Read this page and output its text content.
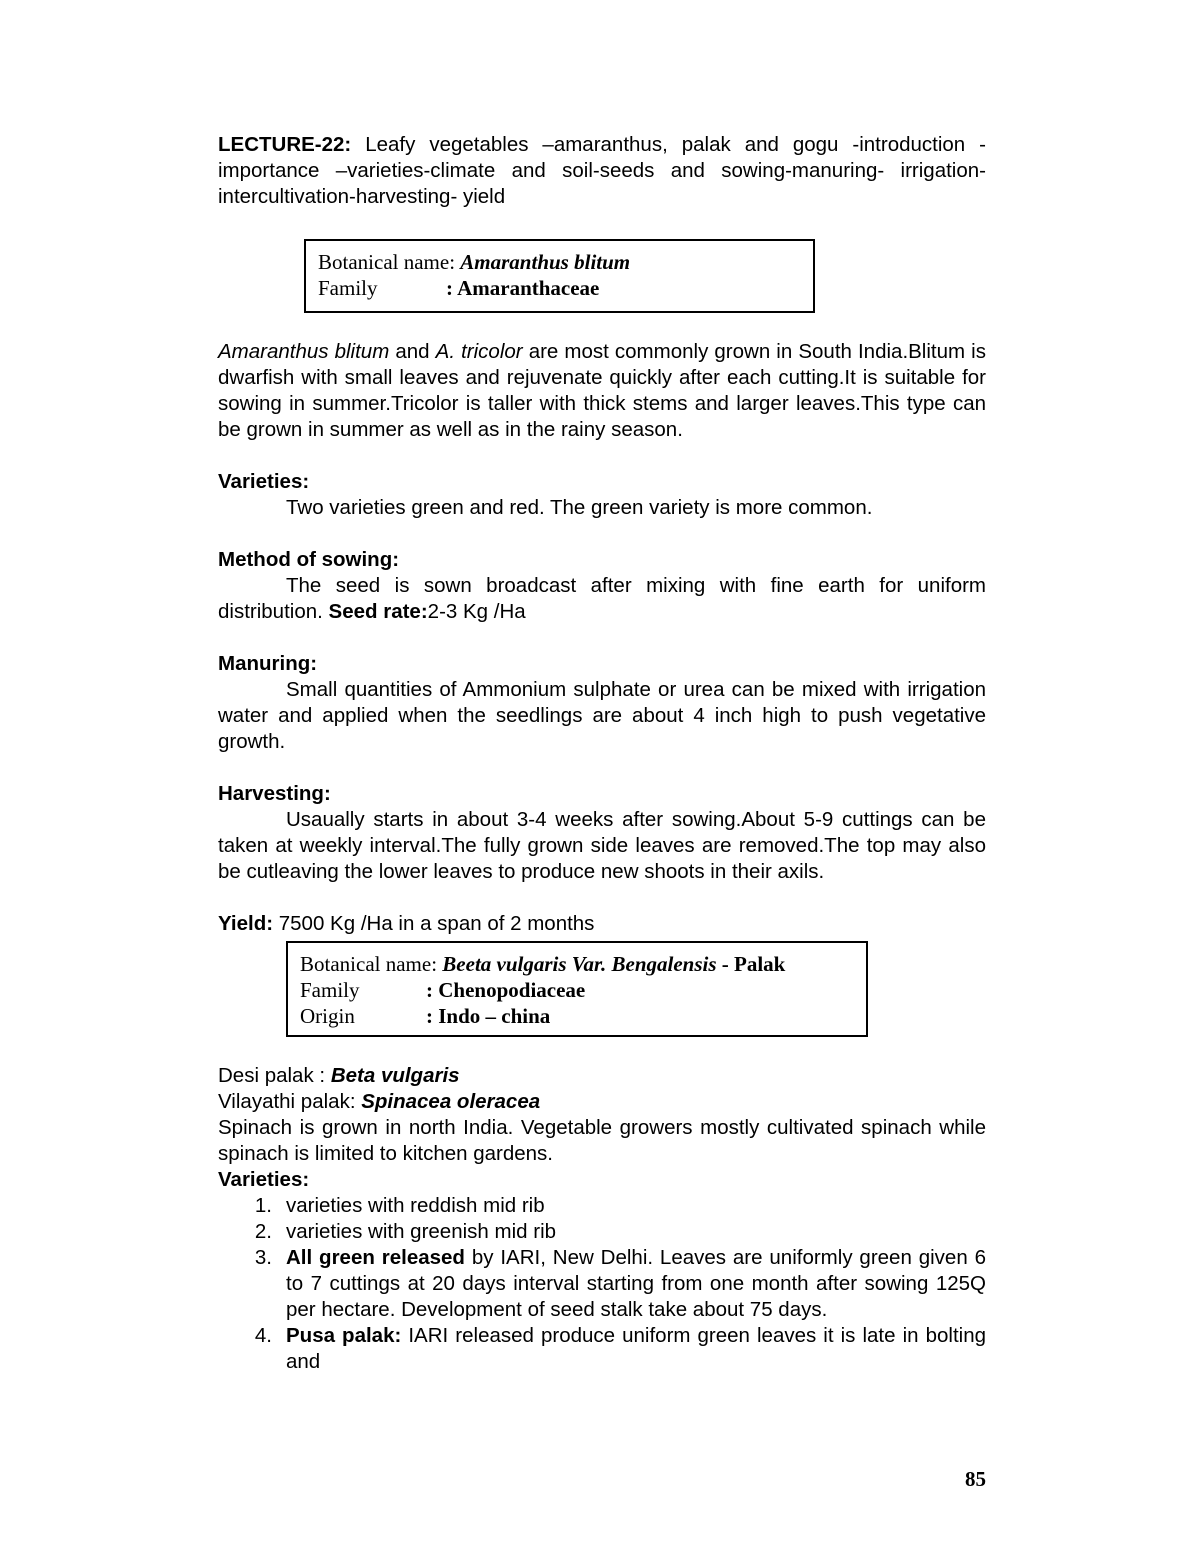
LECTURE-22: Leafy vegetables –amaranthus, palak and gogu -introduction -importance –varieties-climate and soil-seeds and sowing-manuring- irrigation-intercultivation-harvesting- yield

Botanical name: Amaranthus blitum
Family	: Amaranthaceae

Amaranthus blitum and A. tricolor are most commonly grown in South India.Blitum is dwarfish with small leaves and rejuvenate quickly after each cutting.It is suitable for sowing in summer.Tricolor is taller with thick stems and larger leaves.This type can be grown in summer as well as in the rainy season.

Varieties:

Two varieties green and red. The green variety is more common.

Method of sowing:

The seed is sown broadcast after mixing with fine earth for uniform distribution. Seed rate:2-3 Kg /Ha

Manuring:

Small quantities of Ammonium sulphate or urea can be mixed with irrigation water and applied when the seedlings are about 4 inch high to push vegetative growth.

Harvesting:

Usaually starts in about 3-4 weeks after sowing.About 5-9 cuttings can be taken at weekly interval.The fully grown side leaves are removed.The top may also be cutleaving the lower leaves to produce new shoots in their axils.

Yield: 7500 Kg /Ha in a span of 2 months

Botanical name: Beeta vulgaris Var. Bengalensis - Palak
Family	: Chenopodiaceae
Origin	: Indo – china

Desi palak : Beta vulgaris

Vilayathi palak: Spinacea oleracea

Spinach is grown in north India. Vegetable growers mostly cultivated spinach while spinach is limited to kitchen gardens.

Varieties:

1. varieties with reddish mid rib
2. varieties with greenish mid rib
3. All green released by IARI, New Delhi. Leaves are uniformly green given 6 to 7 cuttings at 20 days interval starting from one month after sowing 125Q per hectare. Development of seed stalk take about 75 days.
4. Pusa palak: IARI released produce uniform green leaves it is late in bolting and
85
